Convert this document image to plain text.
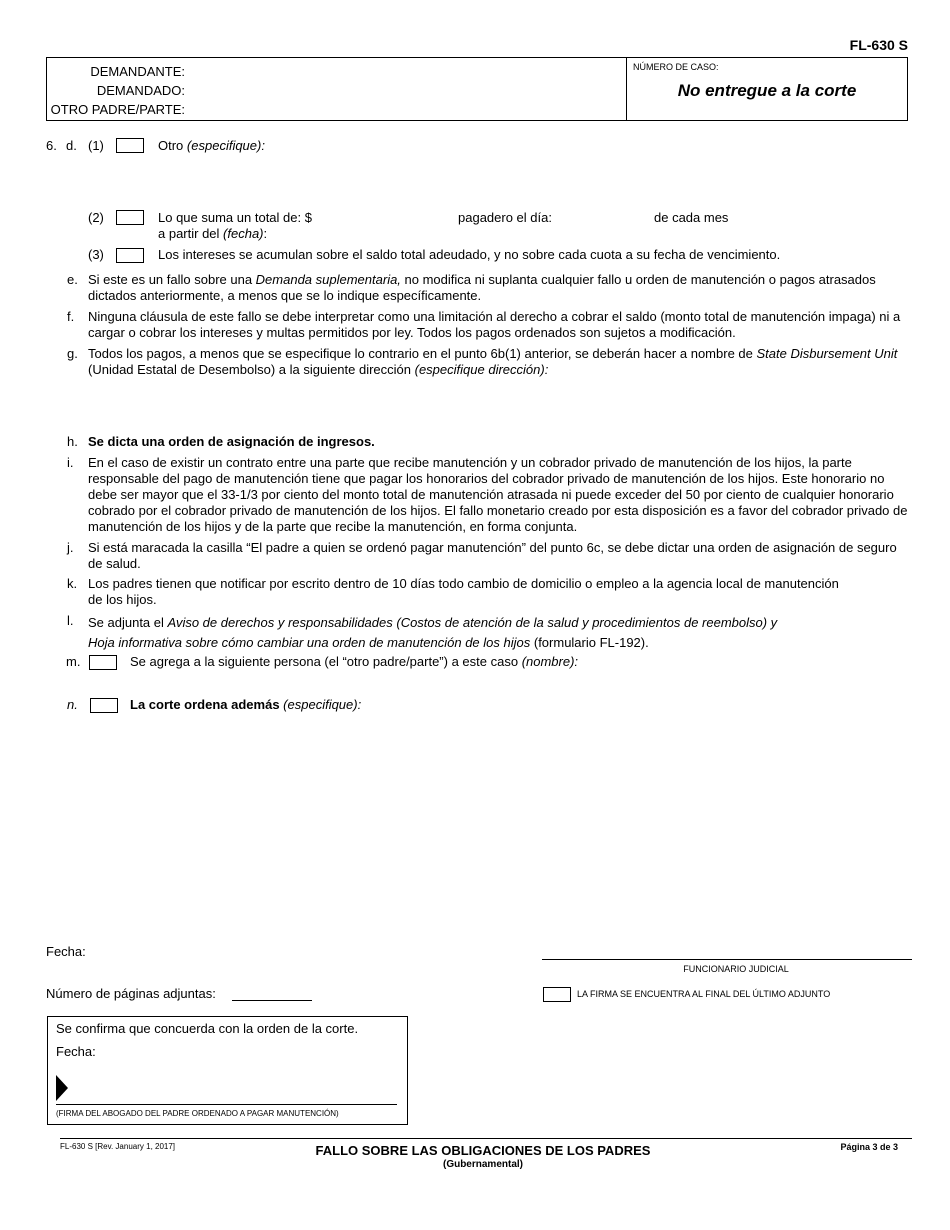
FL-630 S
DEMANDANTE:
DEMANDADO:
OTRO PADRE/PARTE:
NÚMERO DE CASO:
No entregue a la corte
6. d. (1)	Otro (especifique):
(2)	Lo que suma un total de: $	pagadero el día:	de cada mes
a partir del (fecha):
(3)	Los intereses se acumulan sobre el saldo total adeudado, y no sobre cada cuota a su fecha de vencimiento.
e. Si este es un fallo sobre una Demanda suplementaria, no modifica ni suplanta cualquier fallo u orden de manutención o pagos atrasados dictados anteriormente, a menos que se lo indique específicamente.
f. Ninguna cláusula de este fallo se debe interpretar como una limitación al derecho a cobrar el saldo (monto total de manutención impaga) ni a cargar o cobrar los intereses y multas permitidos por ley. Todos los pagos ordenados son sujetos a modificación.
g. Todos los pagos, a menos que se especifique lo contrario en el punto 6b(1) anterior, se deberán hacer a nombre de State Disbursement Unit (Unidad Estatal de Desembolso) a la siguiente dirección (especifique dirección):
h. Se dicta una orden de asignación de ingresos.
i. En el caso de existir un contrato entre una parte que recibe manutención y un cobrador privado de manutención de los hijos, la parte responsable del pago de manutención tiene que pagar los honorarios del cobrador privado de manutención de los hijos. Este honorario no debe ser mayor que el 33-1/3 por ciento del monto total de manutención atrasada ni puede exceder del 50 por ciento de cualquier honorario cobrado por el cobrador privado de manutención de los hijos. El fallo monetario creado por esta disposición es a favor del cobrador privado de manutención de los hijos y de la parte que recibe la manutención, en forma conjunta.
j. Si está maracada la casilla “El padre a quien se ordenó pagar manutención” del punto 6c, se debe dictar una orden de asignación de seguro de salud.
k. Los padres tienen que notificar por escrito dentro de 10 días todo cambio de domicilio o empleo a la agencia local de manutención de los hijos.
l. Se adjunta el Aviso de derechos y responsabilidades (Costos de atención de la salud y procedimientos de reembolso) y
Hoja informativa sobre cómo cambiar una orden de manutención de los hijos (formulario FL-192).
m.	Se agrega a la siguiente persona (el “otro padre/parte”) a este caso (nombre):
n.	La corte ordena además (especifique):
Fecha:
FUNCIONARIO JUDICIAL
Número de páginas adjuntas:	LA FIRMA SE ENCUENTRA AL FINAL DEL ÚLTIMO ADJUNTO
Se confirma que concuerda con la orden de la corte.
Fecha:
(FIRMA DEL ABOGADO DEL PADRE ORDENADO A PAGAR MANUTENCIÓN)
FL-630 S [Rev. January 1, 2017]	FALLO SOBRE LAS OBLIGACIONES DE LOS PADRES
(Gubernamental)
Página 3 de 3
